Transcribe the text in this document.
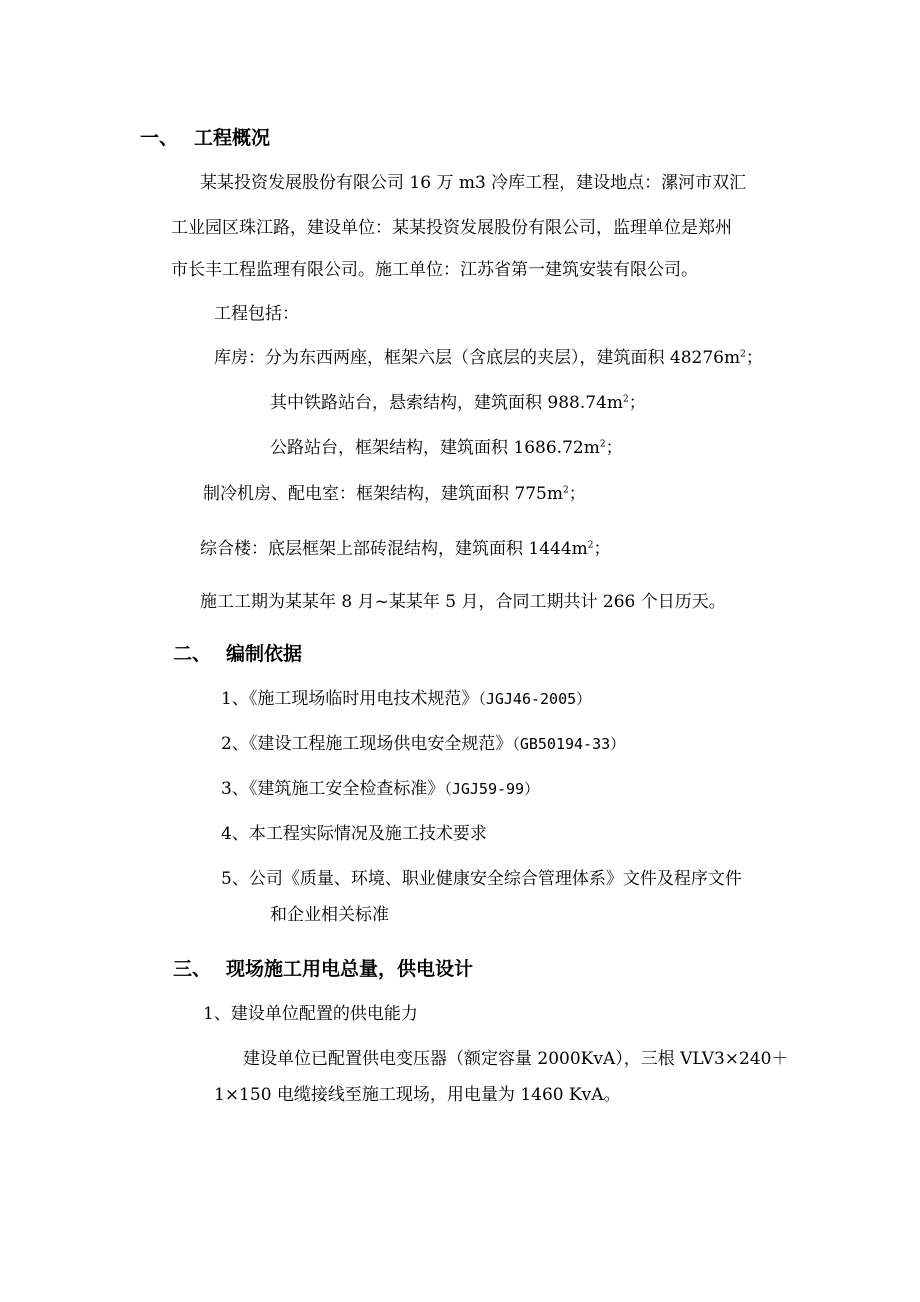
一、 工程概况
某某投资发展股份有限公司 16 万 m3 冷库工程，建设地点：漯河市双汇
工业园区珠江路，建设单位：某某投资发展股份有限公司，监理单位是郑州
市长丰工程监理有限公司。施工单位：江苏省第一建筑安装有限公司。
工程包括：
库房：分为东西两座，框架六层（含底层的夹层），建筑面积 $48276m^2$；
其中铁路站台，悬索结构，建筑面积 $988.74m^2$；
公路站台，框架结构，建筑面积 $1686.72m^2$；
制冷机房、配电室：框架结构，建筑面积 $775m^2$；
综合楼：底层框架上部砖混结构，建筑面积 $1444m^2$；
施工工期为某某年 8 月~某某年 5 月，合同工期共计 266 个日历天。
二、 编制依据
1、《施工现场临时用电技术规范》（JGJ46-2005）
2、《建设工程施工现场供电安全规范》（GB50194-33）
3、《建筑施工安全检查标准》（JGJ59-99）
4、本工程实际情况及施工技术要求
5、公司《质量、环境、职业健康安全综合管理体系》文件及程序文件
和企业相关标准
三、 现场施工用电总量，供电设计
1、建设单位配置的供电能力
建设单位已配置供电变压器（额定容量 2000KvA），三根 VLV3×240＋
1×150 电缆接线至施工现场，用电量为 1460 KvA。
